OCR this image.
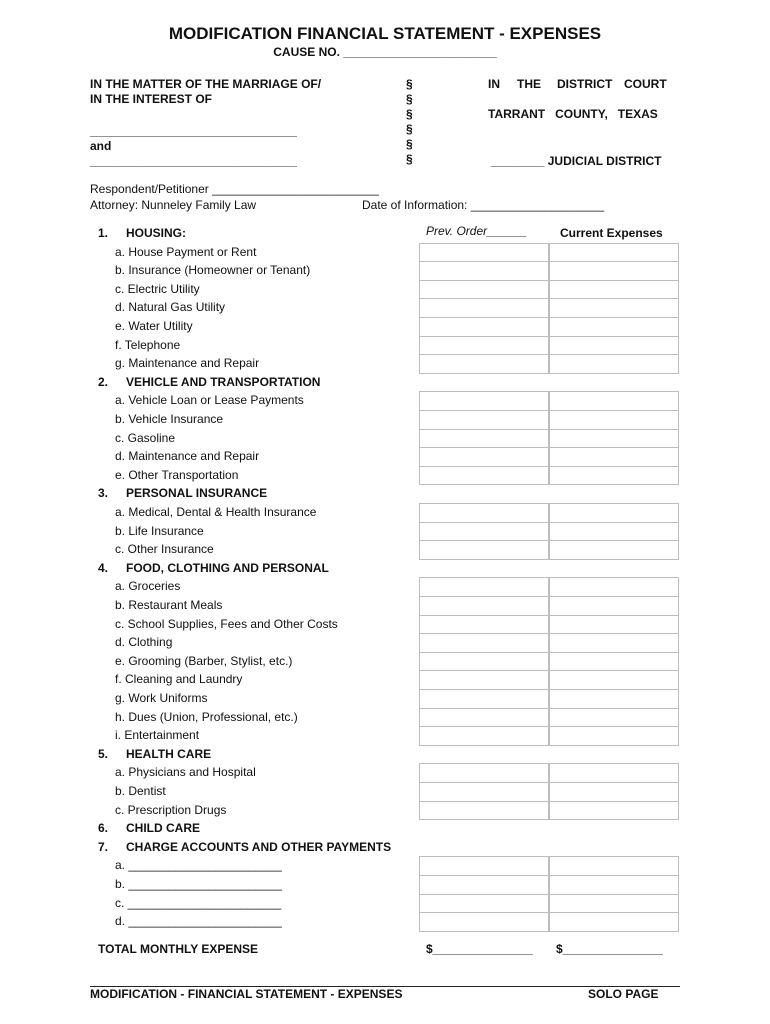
MODIFICATION FINANCIAL STATEMENT - EXPENSES
CAUSE NO. _______________________
IN THE MATTER OF THE MARRIAGE OF/
IN THE INTEREST OF
_______________________________
and
_______________________________
§
§
§
§
§
§
IN THE DISTRICT COURT
TARRANT   COUNTY,   TEXAS
________ JUDICIAL DISTRICT
Respondent/Petitioner _________________________
Attorney: Nunneley Family Law	Date of Information: ____________________
Prev. Order______	Current Expenses
1. HOUSING:
a. House Payment or Rent
b. Insurance (Homeowner or Tenant)
c. Electric Utility
d. Natural Gas Utility
e. Water Utility
f. Telephone
g. Maintenance and Repair
2. VEHICLE AND TRANSPORTATION
a. Vehicle Loan or Lease Payments
b. Vehicle Insurance
c. Gasoline
d. Maintenance and Repair
e. Other Transportation
3. PERSONAL INSURANCE
a. Medical, Dental & Health Insurance
b. Life Insurance
c. Other Insurance
4. FOOD, CLOTHING AND PERSONAL
a. Groceries
b. Restaurant Meals
c. School Supplies, Fees and Other Costs
d. Clothing
e. Grooming (Barber, Stylist, etc.)
f. Cleaning and Laundry
g. Work Uniforms
h. Dues (Union, Professional, etc.)
i. Entertainment
5. HEALTH CARE
a. Physicians and Hospital
b. Dentist
c. Prescription Drugs
6. CHILD CARE
7. CHARGE ACCOUNTS AND OTHER PAYMENTS
a. _______________________
b. _______________________
c. _______________________
d. _______________________
TOTAL MONTHLY EXPENSE	$_______________ $_______________
MODIFICATION - FINANCIAL STATEMENT - EXPENSES	SOLO PAGE
